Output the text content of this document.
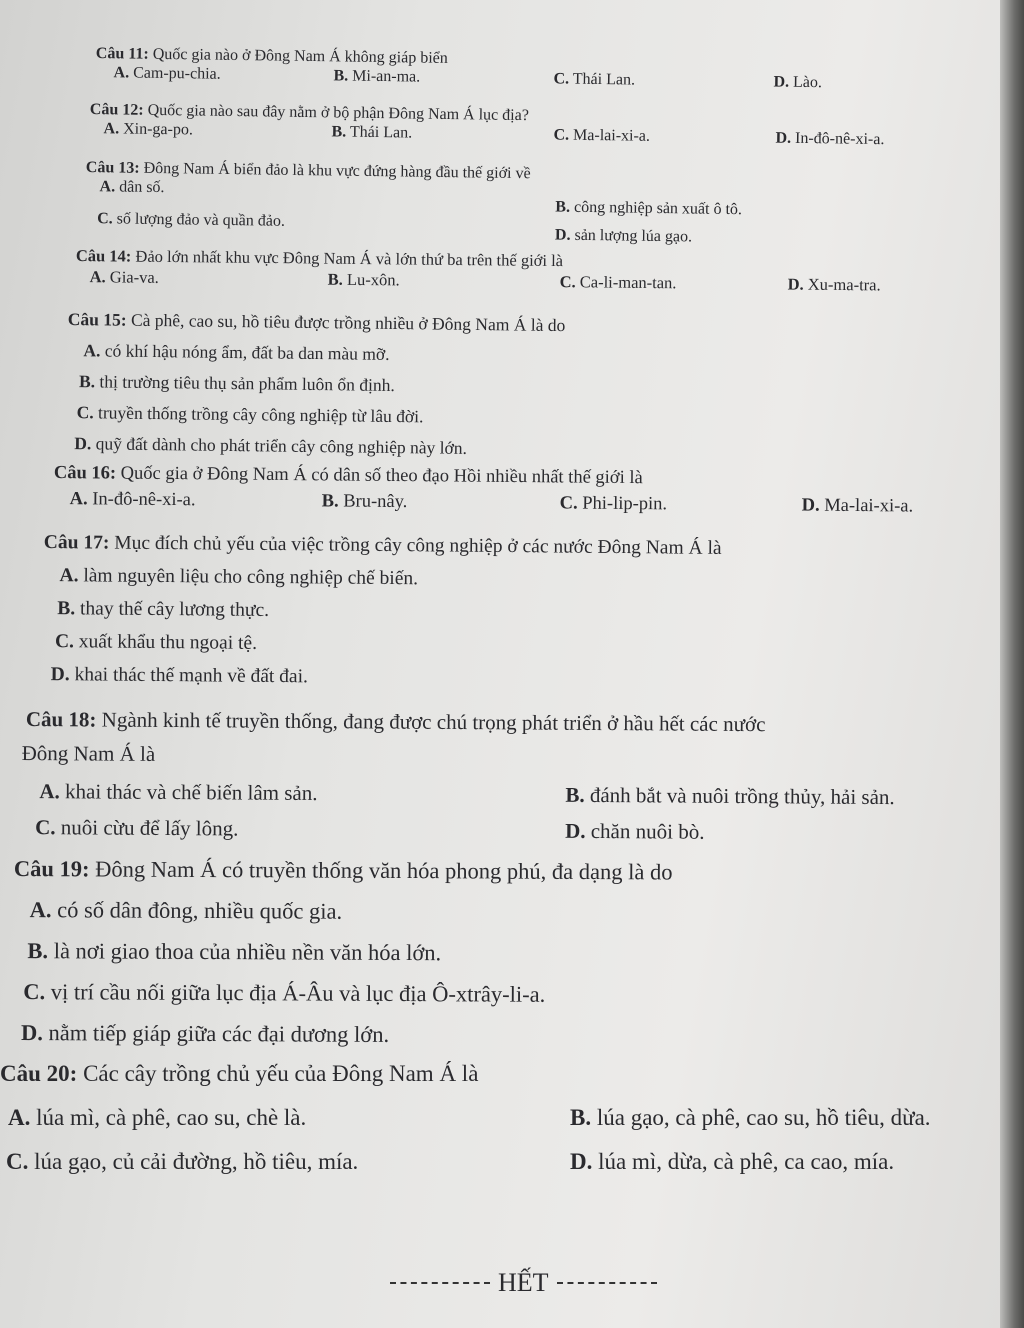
Câu 11: Quốc gia nào ở Đông Nam Á không giáp biển
A. Cam-pu-chia.	B. Mi-an-ma.	C. Thái Lan.	D. Lào.
Câu 12: Quốc gia nào sau đây nằm ở bộ phận Đông Nam Á lục địa?
A. Xin-ga-po.	B. Thái Lan.	C. Ma-lai-xi-a.	D. In-đô-nê-xi-a.
Câu 13: Đông Nam Á biển đảo là khu vực đứng hàng đầu thế giới về
A. dân số.
B. công nghiệp sản xuất ô tô.
C. số lượng đảo và quần đảo.
D. sản lượng lúa gạo.
Câu 14: Đảo lớn nhất khu vực Đông Nam Á và lớn thứ ba trên thế giới là
A. Gia-va.	B. Lu-xôn.	C. Ca-li-man-tan.	D. Xu-ma-tra.
Câu 15: Cà phê, cao su, hồ tiêu được trồng nhiều ở Đông Nam Á là do
A. có khí hậu nóng ẩm, đất ba dan màu mỡ.
B. thị trường tiêu thụ sản phẩm luôn ổn định.
C. truyền thống trồng cây công nghiệp từ lâu đời.
D. quỹ đất dành cho phát triển cây công nghiệp này lớn.
Câu 16: Quốc gia ở Đông Nam Á có dân số theo đạo Hồi nhiều nhất thế giới là
A. In-đô-nê-xi-a.	B. Bru-nây.	C. Phi-lip-pin.	D. Ma-lai-xi-a.
Câu 17: Mục đích chủ yếu của việc trồng cây công nghiệp ở các nước Đông Nam Á là
A. làm nguyên liệu cho công nghiệp chế biến.
B. thay thế cây lương thực.
C. xuất khẩu thu ngoại tệ.
D. khai thác thế mạnh về đất đai.
Câu 18: Ngành kinh tế truyền thống, đang được chú trọng phát triển ở hầu hết các nước
Đông Nam Á là
A. khai thác và chế biến lâm sản.	B. đánh bắt và nuôi trồng thủy, hải sản.
C. nuôi cừu để lấy lông.	D. chăn nuôi bò.
Câu 19: Đông Nam Á có truyền thống văn hóa phong phú, đa dạng là do
A. có số dân đông, nhiều quốc gia.
B. là nơi giao thoa của nhiều nền văn hóa lớn.
C. vị trí cầu nối giữa lục địa Á-Âu và lục địa Ô-xtrây-li-a.
D. nằm tiếp giáp giữa các đại dương lớn.
Câu 20: Các cây trồng chủ yếu của Đông Nam Á là
A. lúa mì, cà phê, cao su, chè là.	B. lúa gạo, cà phê, cao su, hồ tiêu, dừa.
C. lúa gạo, củ cải đường, hồ tiêu, mía.	D. lúa mì, dừa, cà phê, ca cao, mía.
HẾT
